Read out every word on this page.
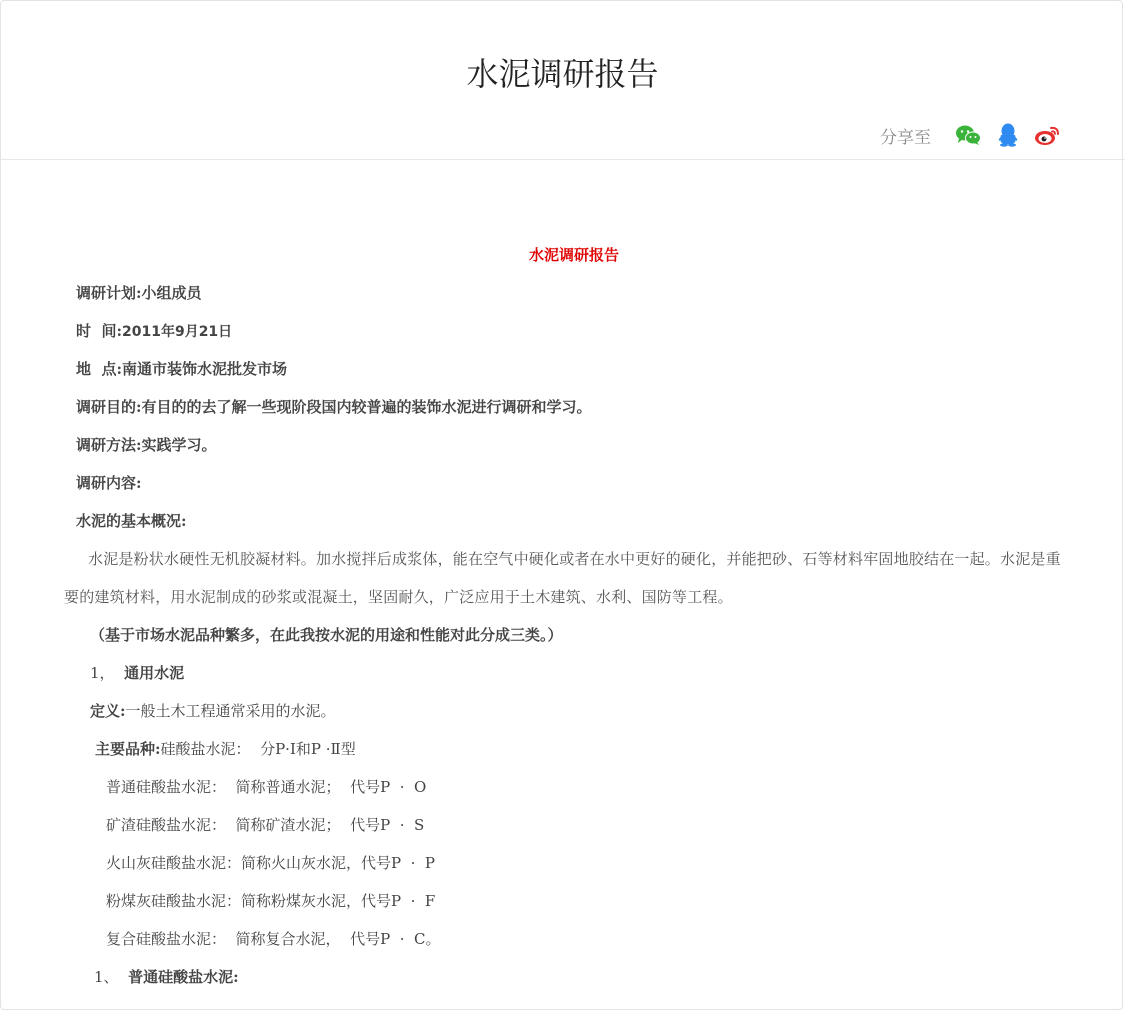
水泥调研报告
分享至
水泥调研报告
调研计划:小组成员
时  间:2011年9月21日
地  点:南通市装饰水泥批发市场
调研目的:有目的的去了解一些现阶段国内较普遍的装饰水泥进行调研和学习。
调研方法:实践学习。
调研内容:
水泥的基本概况:
水泥是粉状水硬性无机胶凝材料。加水搅拌后成浆体，能在空气中硬化或者在水中更好的硬化，并能把砂、石等材料牢固地胶结在一起。水泥是重要的建筑材料，用水泥制成的砂浆或混凝土，坚固耐久，广泛应用于土木建筑、水利、国防等工程。
（基于市场水泥品种繁多，在此我按水泥的用途和性能对此分成三类。）
1， 通用水泥
定义:一般土木工程通常采用的水泥。
主要品种:硅酸盐水泥：  分P·Ⅰ和P ·Ⅱ型
普通硅酸盐水泥：  简称普通水泥；  代号P  ·  O
矿渣硅酸盐水泥：  简称矿渣水泥；  代号P  ·  S
火山灰硅酸盐水泥：简称火山灰水泥，代号P  ·  P
粉煤灰硅酸盐水泥：简称粉煤灰水泥，代号P  ·  F
复合硅酸盐水泥：  简称复合水泥，  代号P  ·  C。
1、 普通硅酸盐水泥:
